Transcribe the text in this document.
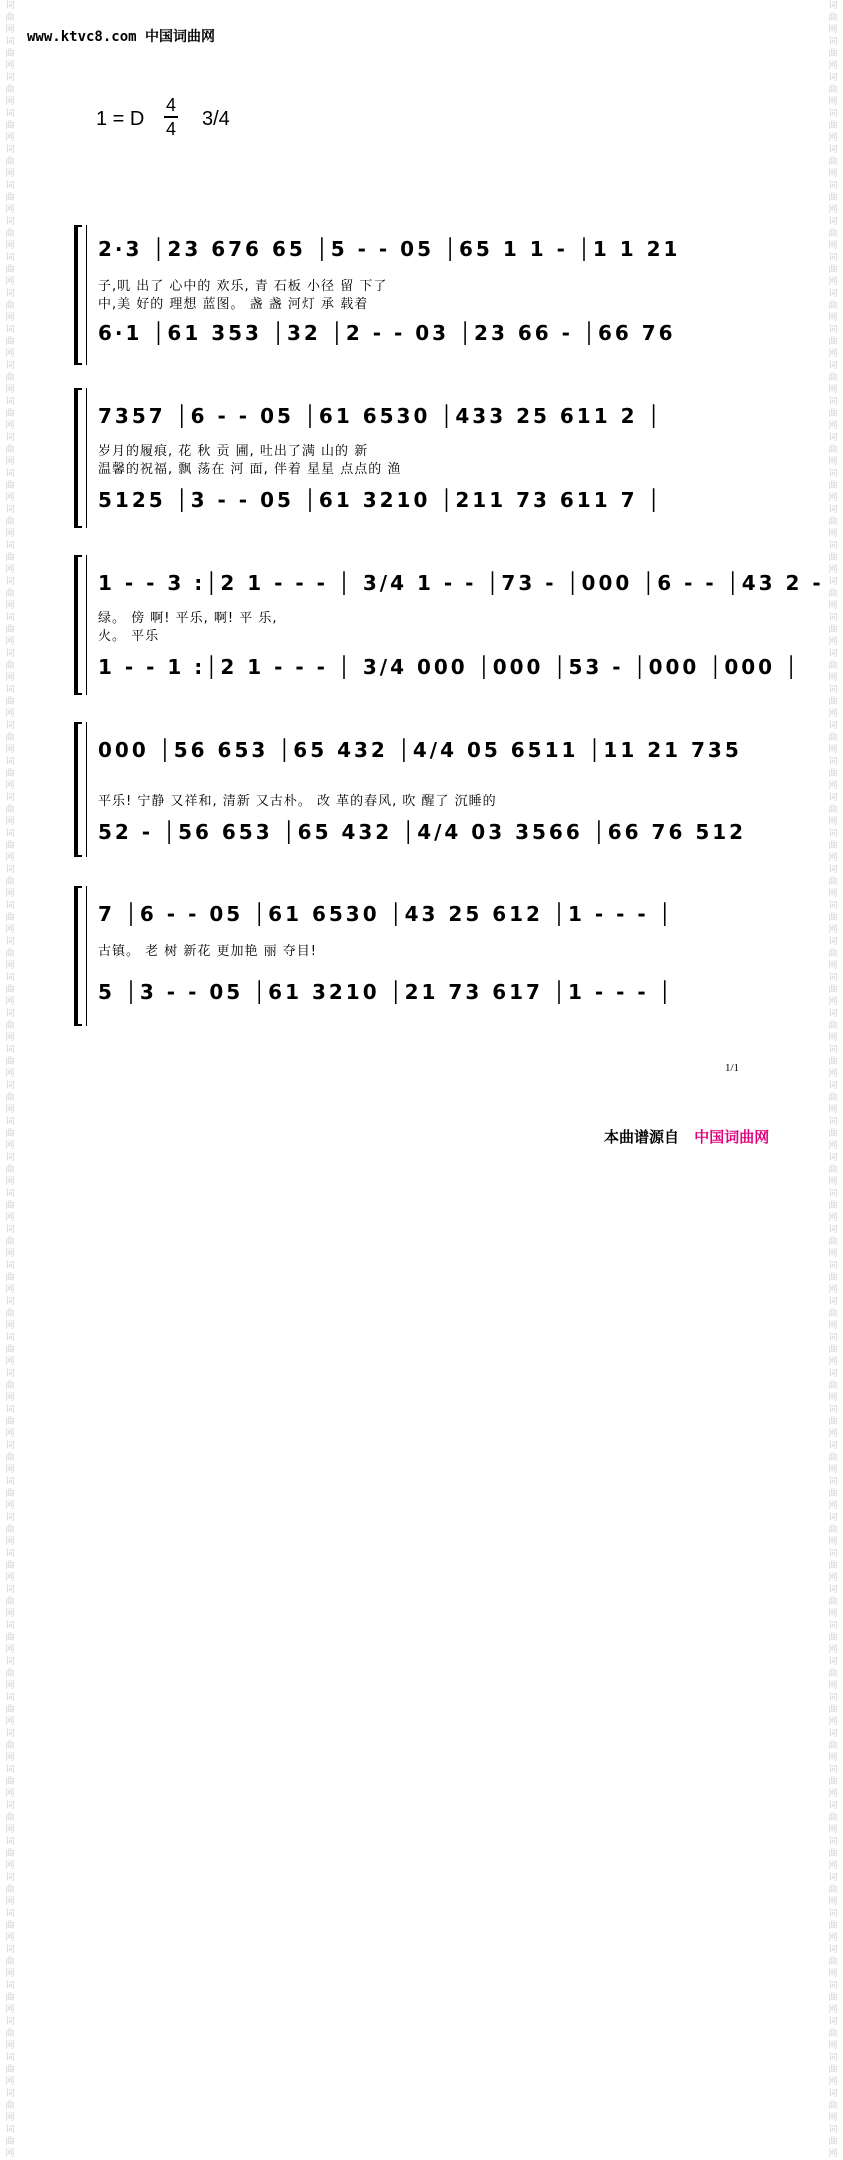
词曲网词曲网词曲网词曲网词曲网词曲网词曲网词曲网词曲网词曲网词曲网词曲网词曲网词曲网词曲网词曲网词曲网词曲网词曲网词曲网词曲网词曲网词曲网词曲网词曲网词曲网词曲网词曲网词曲网词曲网词曲网词曲网词曲网词曲网词曲网词曲网词曲网词曲网词曲网词曲网词曲网词曲网词曲网词曲网词曲网词曲网词曲网词曲网词曲网词曲网词曲网词曲网词曲网词曲网词曲网词曲网词曲网词曲网词曲网词曲网
词曲网词曲网词曲网词曲网词曲网词曲网词曲网词曲网词曲网词曲网词曲网词曲网词曲网词曲网词曲网词曲网词曲网词曲网词曲网词曲网词曲网词曲网词曲网词曲网词曲网词曲网词曲网词曲网词曲网词曲网词曲网词曲网词曲网词曲网词曲网词曲网词曲网词曲网词曲网词曲网词曲网词曲网词曲网词曲网词曲网词曲网词曲网词曲网词曲网词曲网词曲网词曲网词曲网词曲网词曲网词曲网词曲网词曲网词曲网词曲网
www.ktvc8.com 中国词曲网
1 = D
4
4 3/4
2·3 │23 676 65 │5 - - 05 │65 1 1 - │1 1 21
子,叽 出了 心中的 欢乐, 青 石板 小径 留 下了
中,美 好的 理想 蓝图。 盏 盏 河灯 承 载着
6·1 │61 353 │32 │2 - - 03 │23 66 - │66 76
7357 │6 - - 05 │61 6530 │433 25 611 2 │
岁月的履痕, 花 秋 贡 圃, 吐出了满 山的 新
温馨的祝福, 飘 荡在 河 面, 伴着 星星 点点的 渔
5125 │3 - - 05 │61 3210 │211 73 611 7 │
1 - - 3 :│2 1 - - - │ 3/4 1 - - │73 - │000 │6 - - │43 2 -
绿。 傍 啊! 平乐, 啊! 平 乐,
火。 平乐
1 - - 1 :│2 1 - - - │ 3/4 000 │000 │53 - │000 │000 │
000 │56 653 │65 432 │4/4 05 6511 │11 21 735
平乐! 宁静 又祥和, 清新 又古朴。 改 革的春风, 吹 醒了 沉睡的
52 - │56 653 │65 432 │4/4 03 3566 │66 76 512
7 │6 - - 05 │61 6530 │43 25 612 │1 - - - │
古镇。 老 树 新花 更加艳 丽 夺目!
5 │3 - - 05 │61 3210 │21 73 617 │1 - - - │
1/1
本曲谱源自 中国词曲网
